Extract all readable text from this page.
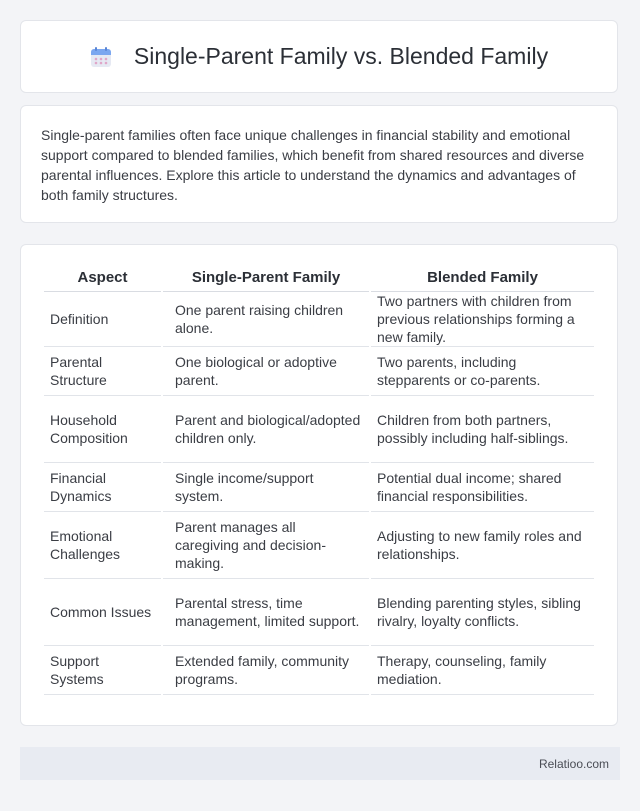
Single-Parent Family vs. Blended Family

Single-parent families often face unique challenges in financial stability and emotional support compared to blended families, which benefit from shared resources and diverse parental influences. Explore this article to understand the dynamics and advantages of both family structures.

Aspect	Single-Parent Family	Blended Family
Definition	One parent raising children alone.	Two partners with children from previous relationships forming a new family.
Parental Structure	One biological or adoptive parent.	Two parents, including stepparents or co-parents.
Household Composition	Parent and biological/adopted children only.	Children from both partners, possibly including half-siblings.
Financial Dynamics	Single income/support system.	Potential dual income; shared financial responsibilities.
Emotional Challenges	Parent manages all caregiving and decision-making.	Adjusting to new family roles and relationships.
Common Issues	Parental stress, time management, limited support.	Blending parenting styles, sibling rivalry, loyalty conflicts.
Support Systems	Extended family, community programs.	Therapy, counseling, family mediation.
Relatioo.com
